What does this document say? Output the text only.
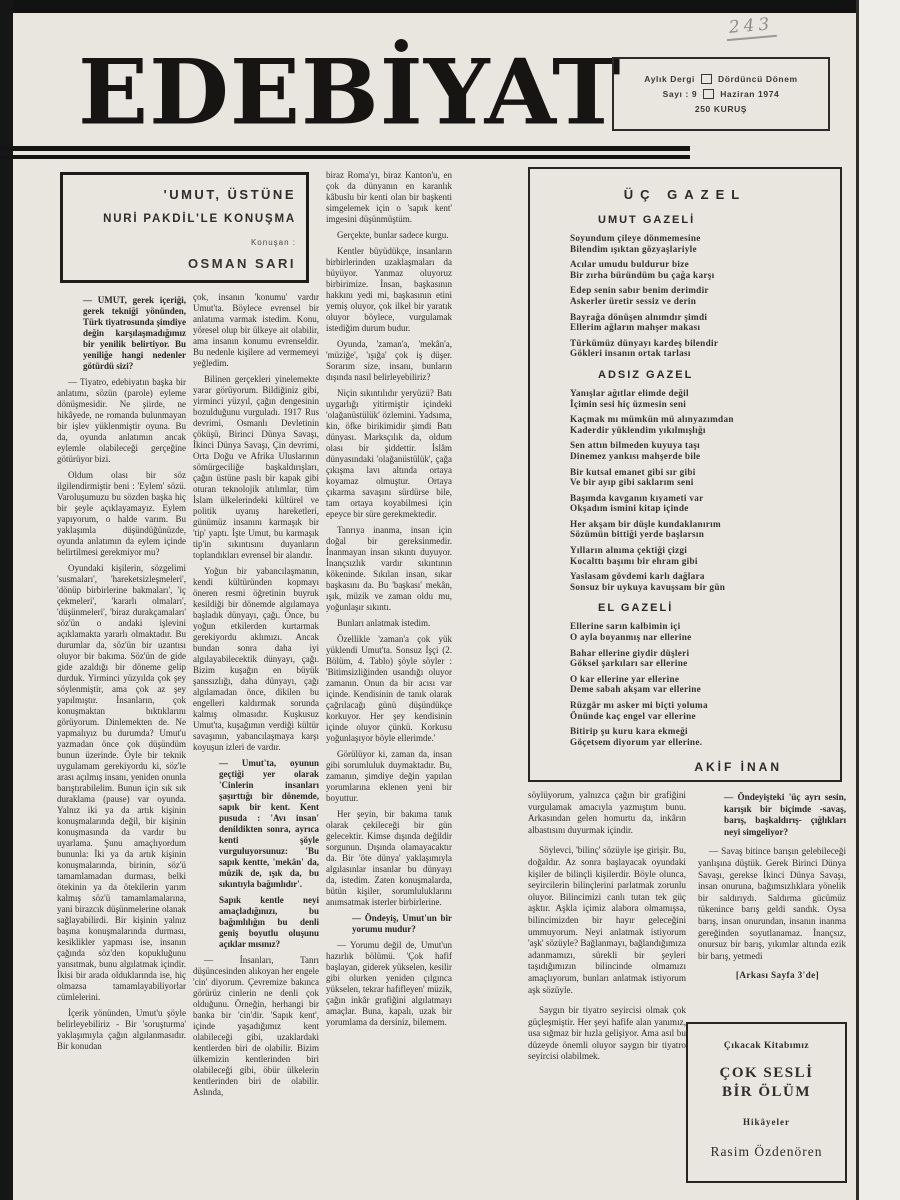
243
EDEBİYAT	Aylık Dergi	Dördüncü Dönem
Sayı : 9	Haziran 1974
250 KURUŞ
'UMUT, ÜSTÜNE
NURİ PAKDİL'LE KONUŞMA
Konuşan :
OSMAN SARI

— UMUT, gerek içeriği, gerek tekniği yönünden, Türk tiyatrosunda şimdiye değin karşılaşmadığımız bir yenilik belirtiyor. Bu yeniliğe hangi nedenler götürdü sizi?

— Tiyatro, edebiyatın başka bir anlatımı, sözün (parole) eyleme dönüşmesidir. Ne şiirde, ne hikâyede, ne romanda bulunmayan bir işlev yüklenmiştir oyuna. Bu da, oyunda anlatımın ancak eylemle olabileceği gerçeğine götürüyor bizi.

Oldum olası bir söz ilgilendirmiştir beni : 'Eylem' sözü. Varoluşumuzu bu sözden başka hiç bir şeyle açıklayamayız. Eylem yapıyorum, o halde varım. Bu yaklaşımla düşündüğünüzde, oyunda anlatımın da eylem içinde belirtilmesi gerekmiyor mu?

Oyundaki kişilerin, sözgelimi 'susmaları', 'hareketsizleşmeleri', 'dönüp birbirlerine bakmaları', 'iç çekmeleri', 'kararlı olmaları', 'düşünmeleri', 'biraz durakçamaları' söz'ün o andaki işlevini açıklamakta yararlı olmaktadır. Bu durumlar da, söz'ün bir uzantısı oluyor bir bakıma. Söz'ün de gide gide azaldığı bir döneme gelip durduk. Yirminci yüzyılda çok şey söylenmiştir, ama çok az şey yapılmıştır. İnsanların, çok konuşmaktan bıktıklarını görüyorum. Dinlemekten de. Ne yapmalıyız bu durumda? Umut'u yazmadan önce çok düşündüm bunun üzerinde. Öyle bir teknik uygulamam gerekiyordu ki, söz'le arası açılmış insanı, yeniden onunla barıştırabilelim. Bunun için sık sık duraklama (pause) var oyunda. Yalnız iki ya da artık kişinin konuşmalarında değil, bir kişinin konuşmasında da vardır bu uyarlama. Şunu amaçlıyordum bununla: İki ya da artık kişinin konuşmalarında, birinin, söz'ü tamamlamadan durması, belki ötekinin ya da ötekilerin yarım kalmış söz'ü tamamlamalarına, yani birazcık düşünmelerine olanak sağlayabilirdi. Bir kişinin yalnız başına konuşmalarında durması, kesiklikler yapması ise, insanın çağında söz'den kopukluğunu yansıtmak, bunu algılatmak içindir. İkisi bir arada olduklarında ise, hiç olmazsa tamamlayabiliyorlar cümlelerini.

İçerik yönünden, Umut'u şöyle belirleyebiliriz - Bir 'soruşturma' yaklaşımıyla çağın algılanmasıdır. Bir konudan

çok, insanın 'konumu' vardır Umut'ta. Böylece evrensel bir anlatıma varmak istedim. Konu, yöresel olup bir ülkeye ait olabilir, ama insanın konumu evrenseldir. Bu nedenle kişilere ad vermemeyi yeğledim.

Bilinen gerçekleri yinelemekte yarar görüyorum. Bildiğiniz gibi, yirminci yüzyıl, çağın dengesinin bozulduğunu vurguladı. 1917 Rus devrimi, Osmanlı Devletinin çöküşü, Birinci Dünya Savaşı, İkinci Dünya Savaşı, Çin devrimi, Orta Doğu ve Afrika Uluslarının sömürgeciliğe başkaldırışları, çağın üstüne paslı bir kapak gibi oturan teknolojik atılımlar, tüm İslam ülkelerindeki kültürel ve politik uyanış hareketleri, günümüz insanını karmaşık bir 'tip' yaptı. İşte Umut, bu karmaşık tip'in sıkıntısını duyanların toplandıkları evrensel bir alandır.

Yoğun bir yabancılaşmanın, kendi kültüründen kopmayı öneren resmi öğretinin buyruk kesildiği bir dönemde algılamaya başladık dünyayı, çağı. Önce, bu yoğun etkilerden kurtarmak gerekiyordu aklımızı. Ancak bundan sonra daha iyi algılayabilecektik dünyayı, çağı. Bizim kuşağın en büyük şanssızlığı, daha dünyayı, çağı algılamadan önce, dikilen bu engelleri kaldırmak sorunda kalmış olmasıdır. Kuşkusuz Umut'ta, kuşağımın verdiği kültür savaşının, yabancılaşmaya karşı koyuşun izleri de vardır.

— Umut'ta, oyunun geçtiği yer olarak 'Cinlerin insanları şaşırttığı bir dönemde, sapık bir kent. Kent pusuda : 'Avı insan' denildikten sonra, ayrıca kenti şöyle vurguluyorsunuz: 'Bu sapık kentte, 'mekân' da, müzik de, ışık da, bu sıkıntıyla bağımlıdır'.

Sapık kentle neyi amaçladığınızı, bu bağımlılığın bu denli geniş boyutlu oluşunu açıklar mısınız?

— İnsanları, Tanrı düşüncesinden alıkoyan her engele 'cin' diyorum. Çevremize bakınca görürüz cinlerin ne denli çok olduğunu. Örneğin, herhangi bir banka bir 'cin'dir. 'Sapık kent', içinde yaşadığımız kent olabileceği gibi, uzaklardaki kentlerden biri de olabilir. Bizim ülkemizin kentlerinden biri olabileceği gibi, öbür ülkelerin kentlerinden biri de olabilir. Aslında,

biraz Roma'yı, biraz Kanton'u, en çok da dünyanın en karanlık kâbuslu bir kenti olan bir başkenti simgelemek için o 'sapık kent' imgesini düşünmüştüm.

Gerçekte, bunlar sadece kurgu.

Kentler büyüdükçe, insanların birbirlerinden uzaklaşmaları da büyüyor. Yanmaz oluyoruz birbirimize. İnsan, başkasının hakkını yedi mi, başkasının etini yemiş oluyor, çok ilkel bir yaratık oluyor böylece, vurgulamak istediğim durum budur.

Oyunda, 'zaman'a, 'mekân'a, 'müziğe', 'ışığa' çok iş düşer. Sorarım size, insanı, bunların dışında nasıl belirleyebiliriz?

Niçin sıkıntılıdır yeryüzü? Batı uygarlığı yitirmiştir içindeki 'olağanüstülük' özlemini. Yadsıma, kin, öfke birikimidir şimdi Batı dünyası. Marksçılık da, oldum olası bir şiddettir. İslâm dünyasındaki 'olağanüstülük', çağa çıkışma lavı altında ortaya koyamaz olmuştur. Ortaya çıkarma savaşını sürdürse bile, tam ortaya koyabilmesi için epeyce bir süre gerekmektedir.

Tanrıya inanma, insan için doğal bir gereksinmedir. İnanmayan insan sıkıntı duyuyor. İnançsızlık vardır sıkıntının kökeninde. Sıkılan insan, sıkar başkasını da. Bu 'başkası' mekân, ışık, müzik ve zaman oldu mu, yoğunlaşır sıkıntı.

Bunları anlatmak istedim.

Özellikle 'zaman'a çok yük yüklendi Umut'ta. Sonsuz İşçi (2. Bölüm, 4. Tablo) şöyle söyler : 'Bitimsizliğinden usandığı oluyor zamanın. Onun da bir acısı var içinde. Kendisinin de tanık olarak çağrılacağı günü düşündükçe korkuyor. Her şey kendisinin içinde oluyor çünkü. Korkusu yoğunlaşıyor böyle ellerimde.'

Görülüyor ki, zaman da, insan gibi sorumluluk duymaktadır. Bu, zamanın, şimdiye değin yapılan yorumlarına eklenen yeni bir boyuttur.

Her şeyin, bir bakıma tanık olarak çekileceği bir gün gelecektir. Kimse dışında değildir sorgunun. Dışında olamayacaktır da. Bir 'öte dünya' yaklaşımıyla algılasınlar insanlar bu dünyayı da, istedim. Zaten konuşmalarda, bütün kişiler, sorumluluklarını anımsatmak isterler birbirlerine.

— Öndeyiş, Umut'un bir yorumu mudur?

— Yorumu değil de, Umut'un hazırlık bölümü. 'Çok hafif başlayan, giderek yükselen, kesilir gibi olurken yeniden çılgınca yükselen, tekrar hafifleyen' müzik, çağın inkâr grafiğini algılatmayı amaçlar. Buna, kapalı, uzak bir yorumlama da dersiniz, bilemem.

ÜÇ GAZEL
UMUT GAZELİ
Soyundum çileye dönmemesine
Bilendim ışıktan gözyaşlariyle
Acılar umudu buldurur bize
Bir zırha büründüm bu çağa karşı
Edep senin sabır benim derimdir
Askerler üretir sessiz ve derin
Bayrağa dönüşen alnımdır şimdi
Ellerim ağların mahşer makası
Türkümüz dünyayı kardeş bilendir
Gökleri insanın ortak tarlası
ADSIZ GAZEL
Yanışlar ağıtlar elimde değil
İçimin sesi hiç üzmesin seni
Kaçmak mı mümkün mü alınyazımdan
Kaderdir yüklendim yıkılmışlığı
Sen attın bilmeden kuyuya taşı
Dinemez yankısı mahşerde bile
Bir kutsal emanet gibi sır gibi
Ve bir ayıp gibi saklarım seni
Başımda kavganın kıyameti var
Okşadım ismini kitap içinde
Her akşam bir düşle kundaklanırım
Sözümün bittiği yerde başlarsın
Yılların alnıma çektiği çizgi
Kocalttı başımı bir ehram gibi
Yaslasam gövdemi karlı dağlara
Sonsuz bir uykuya kavuşsam bir gün
EL GAZELİ
Ellerine sarın kalbimin içi
O ayla boyanmış nar ellerine
Bahar ellerine giydir düşleri
Göksel şarkıları sar ellerine
O kar ellerine yar ellerine
Deme sabah akşam var ellerine
Rüzgâr mı asker mi biçti yoluma
Önünde kaç engel var ellerine
Bitirip şu kuru kara ekmeği
Göçetsem diyorum yar ellerine.
AKİF İNAN

söylüyorum, yalnızca çağın bir grafiğini vurgulamak amacıyla yazmıştım bunu. Arkasından gelen homurtu da, inkârın albastısını duyurmak içindir.

Söylevci, 'bilinç' sözüyle işe girişir. Bu, doğaldır. Az sonra başlayacak oyundaki kişiler de bilinçli kişilerdir. Böyle olunca, seyircilerin bilinçlerini parlatmak zorunlu oluyor. Bilincimizi canlı tutan tek güç aşktır. Aşkla içimiz alabora olmamışsa, bilincimizden bir hayır geleceğini ummuyorum. Neyi anlatmak istiyorum 'aşk' sözüyle? Bağlanmayı, bağlandığımıza adanmamızı, sürekli bir şeyleri taşıdığımızın bilincinde olmamızı amaçlıyorum, bunları anlatmak istiyorum aşk sözüyle.

Saygın bir tiyatro seyircisi olmak çok güçleşmiştir. Her şeyi hafife alan yanımız, usa sığmaz bir hızla gelişiyor. Ama asıl bu düzeyde önemli oluyor saygın bir tiyatro seyircisi olabilmek.

— Öndeyişteki 'üç ayrı sesin, karışık bir biçimde -savaş, barış, başkaldırış- çığlıkları neyi simgeliyor?

— Savaş bitince barışın gelebileceği yanlışına düştük. Gerek Birinci Dünya Savaşı, gerekse İkinci Dünya Savaşı, insan onuruna, bağımsızlıklara yönelik bir saldırıydı. Saldırma gücümüz tükenince barış geldi sandık. Oysa barış, insan onurundan, insanın inanma gereğinden soyutlanamaz. İnançsız, onursuz bir barış, yıkımlar altında ezik bir barış, yetmedi

[Arkası Sayfa 3'de]

Çıkacak Kitabımız
ÇOK SESLİ
BİR ÖLÜM
Hikâyeler
Rasim Özdenören
